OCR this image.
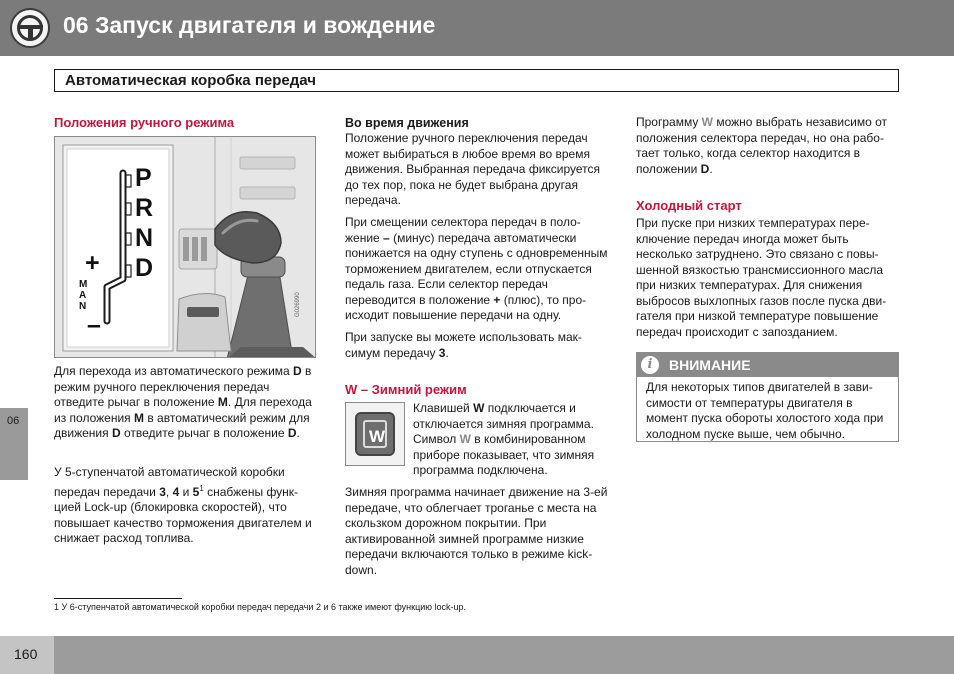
06 Запуск двигателя и вождение
Автоматическая коробка передач
Положения ручного режима
P
R
N
D
+
–
M
A
N	G026990
Для перехода из автоматического режима D в режим ручного переключения передач отведите рычаг в положение M. Для перехода из положения M в автоматический режим для движения D отведите рычаг в положение D.
У 5-ступенчатой автоматической коробки передач передачи 3, 4 и $5^1$ снабжены функцией Lock-up (блокировка скоростей), что повышает качество торможения двигателем и снижает расход топлива.
Во время движения
Положение ручного переключения передач может выбираться в любое время во время движения. Выбранная передача фиксируется до тех пор, пока не будет выбрана другая передача.
При смещении селектора передач в положение – (минус) передача автоматически понижается на одну ступень с одновременным торможением двигателем, если отпускается педаль газа. Если селектор передач переводится в положение + (плюс), то происходит повышение передачи на одну.
При запуске вы можете использовать максимум передачу 3.
W – Зимний режим
W
Клавишей W подключается и отключается зимняя программа. Символ W в комбинированном приборе показывает, что зимняя программа подключена.
Зимняя программа начинает движение на 3-ей передаче, что облегчает троганье с места на скользком дорожном покрытии. При активированной зимней программе низкие передачи включаются только в режиме kick-down.
Программу W можно выбрать независимо от положения селектора передач, но она работает только, когда селектор находится в положении D.
Холодный старт
При пуске при низких температурах переключение передач иногда может быть несколько затруднено. Это связано с повышенной вязкостью трансмиссионного масла при низких температурах. Для снижения выбросов выхлопных газов после пуска двигателя при низкой температуре повышение передач происходит с запозданием.
i	ВНИМАНИЕ
Для некоторых типов двигателей в зависимости от температуры двигателя в момент пуска обороты холостого хода при холодном пуске выше, чем обычно.
06
1 У 6-ступенчатой автоматической коробки передач передачи 2 и 6 также имеют функцию lock-up.
160
